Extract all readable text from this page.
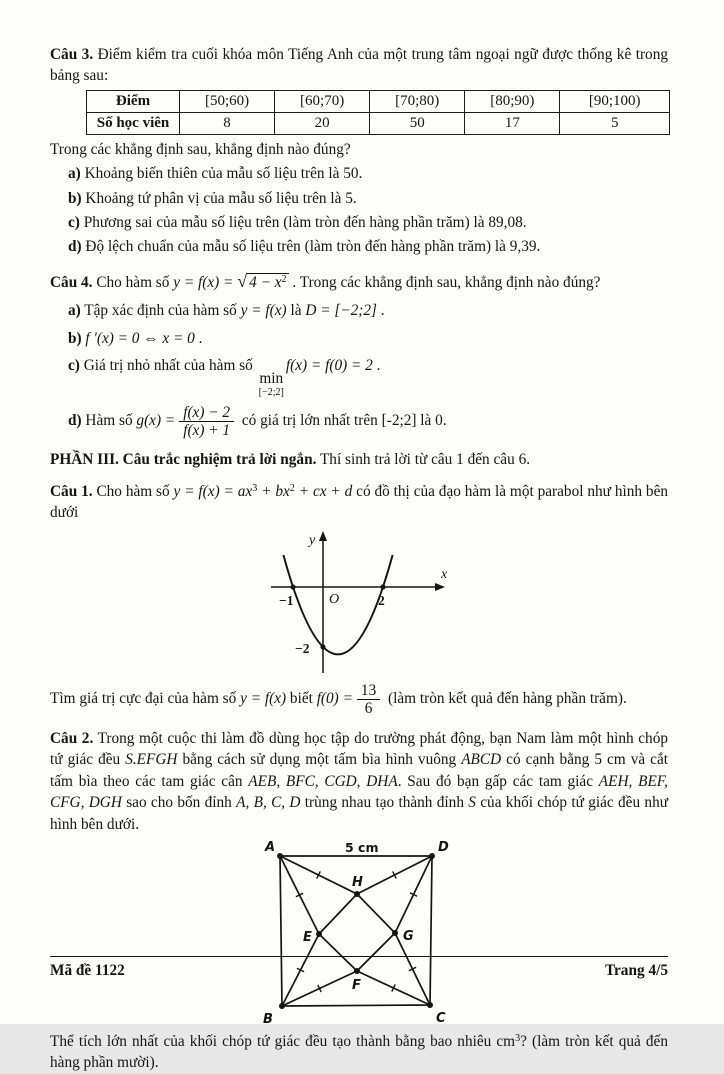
Câu 3. Điểm kiểm tra cuối khóa môn Tiếng Anh của một trung tâm ngoại ngữ được thống kê trong bảng sau:

Điểm	[50;60)	[60;70)	[70;80)	[80;90)	[90;100)
Số học viên	8	20	50	17	5

Trong các khẳng định sau, khẳng định nào đúng?

a) Khoảng biến thiên của mẫu số liệu trên là 50.

b) Khoảng tứ phân vị của mẫu số liệu trên là 5.

c) Phương sai của mẫu số liệu trên (làm tròn đến hàng phần trăm) là 89,08.

d) Độ lệch chuẩn của mẫu số liệu trên (làm tròn đến hàng phần trăm) là 9,39.

Câu 4. Cho hàm số y = f(x) = √ $4 - x^2$ . Trong các khẳng định sau, khẳng định nào đúng?

a) Tập xác định của hàm số y = f(x) là D = [−2;2] .

b) f ′(x) = 0 ⇔ x = 0 .

c) Giá trị nhỏ nhất của hàm số
min
[−2;2]
f(x) = f(0) = 2 .

d) Hàm số $g(x) = \frac{f(x) - 2}{f(x) + 1}$ có giá trị lớn nhất trên [-2;2] là 0.

PHẦN III. Câu trắc nghiệm trả lời ngắn. Thí sinh trả lời từ câu 1 đến câu 6.

Câu 1. Cho hàm số $y = f(x) = ax^3 + bx^2$ + cx + d có đồ thị của đạo hàm là một parabol như hình bên dưới

y
x
O
−1	2
−2

Tìm giá trị cực đại của hàm số y = f(x) biết $f(0) = \frac{13}{6}$ (làm tròn kết quả đến hàng phần trăm).

Câu 2. Trong một cuộc thi làm đồ dùng học tập do trường phát động, bạn Nam làm một hình chóp tứ giác đều S.EFGH bằng cách sử dụng một tấm bìa hình vuông ABCD có cạnh bằng 5 cm và cắt tấm bìa theo các tam giác cân AEB, BFC, CGD, DHA. Sau đó bạn gấp các tam giác AEH, BEF, CFG, DGH sao cho bốn đỉnh A, B, C, D trùng nhau tạo thành đỉnh S của khối chóp tứ giác đều như hình bên dưới.

5 cm
A	D
B	C
H
E	G
F

Thể tích lớn nhất của khối chóp tứ giác đều tạo thành bằng bao nhiêu $cm^3$? (làm tròn kết quả đến hàng phần mười).

Mã đề 1122	Trang 4/5
